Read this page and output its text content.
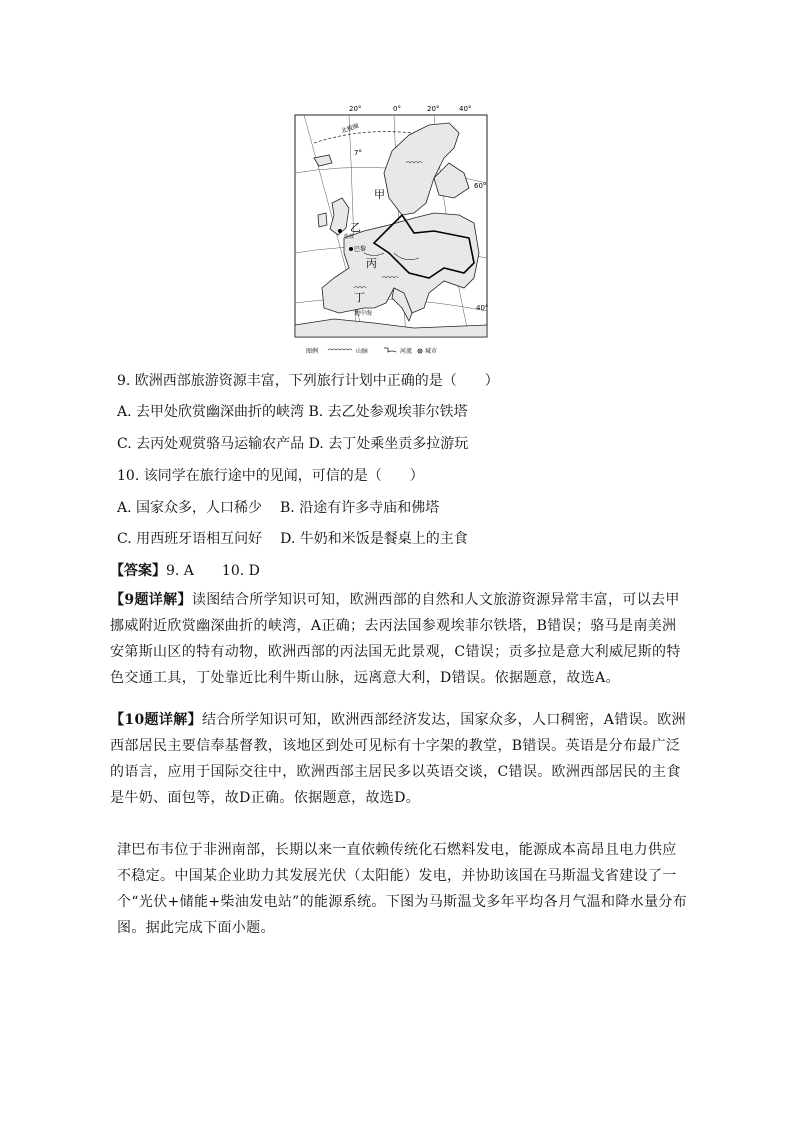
20°	0°	20°	40°
60°
40°
甲
乙
丙
丁
北极圈
地中海
巴黎
伦敦
7°
图例	山脉	河流 城市
9. 欧洲西部旅游资源丰富，下列旅行计划中正确的是（　　）
A. 去甲处欣赏幽深曲折的峡湾 B. 去乙处参观埃菲尔铁塔
C. 去丙处观赏骆马运输农产品 D. 去丁处乘坐贡多拉游玩
10. 该同学在旅行途中的见闻，可信的是（　　）
A. 国家众多，人口稀少 B. 沿途有许多寺庙和佛塔
C. 用西班牙语相互问好 D. 牛奶和米饭是餐桌上的主食
【答案】9. A　　10. D

【9题详解】读图结合所学知识可知，欧洲西部的自然和人文旅游资源异常丰富，可以去甲挪威附近欣赏幽深曲折的峡湾，A正确；去丙法国参观埃菲尔铁塔，B错误；骆马是南美洲安第斯山区的特有动物，欧洲西部的丙法国无此景观，C错误；贡多拉是意大利威尼斯的特色交通工具，丁处靠近比利牛斯山脉，远离意大利，D错误。依据题意，故选A。

【10题详解】结合所学知识可知，欧洲西部经济发达，国家众多，人口稠密，A错误。欧洲西部居民主要信奉基督教，该地区到处可见标有十字架的教堂，B错误。英语是分布最广泛的语言，应用于国际交往中，欧洲西部主居民多以英语交谈，C错误。欧洲西部居民的主食是牛奶、面包等，故D正确。依据题意，故选D。

津巴布韦位于非洲南部，长期以来一直依赖传统化石燃料发电，能源成本高昂且电力供应不稳定。中国某企业助力其发展光伏（太阳能）发电，并协助该国在马斯温戈省建设了一个“光伏+储能+柴油发电站”的能源系统。下图为马斯温戈多年平均各月气温和降水量分布图。据此完成下面小题。
